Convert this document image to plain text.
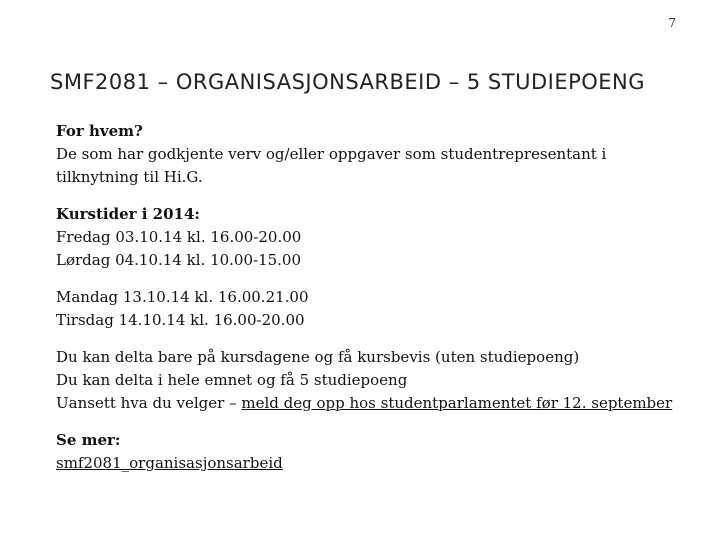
7
SMF2081 – ORGANISASJONSARBEID – 5 STUDIEPOENG
For hvem?
De som har godkjente verv og/eller oppgaver som studentrepresentant i
tilknytning til Hi.G.
Kurstider i 2014:
Fredag 03.10.14 kl. 16.00-20.00
Lørdag 04.10.14 kl. 10.00-15.00
Mandag 13.10.14 kl. 16.00.21.00
Tirsdag 14.10.14 kl. 16.00-20.00
Du kan delta bare på kursdagene og få kursbevis (uten studiepoeng)
Du kan delta i hele emnet og få 5 studiepoeng
Uansett hva du velger – meld deg opp hos studentparlamentet før 12. september
Se mer:
smf2081_organisasjonsarbeid
